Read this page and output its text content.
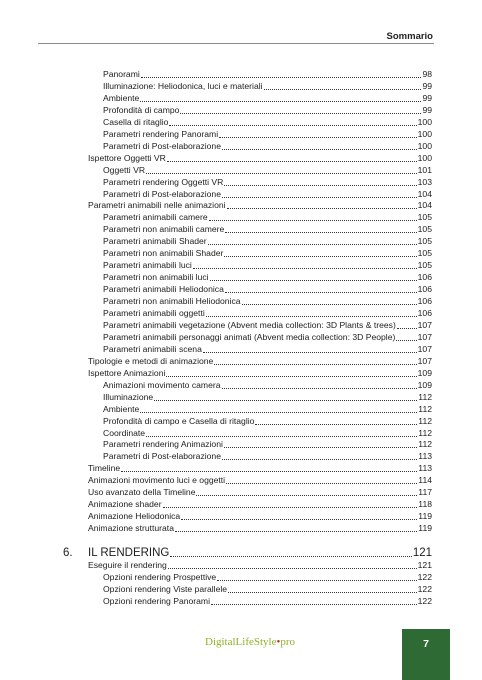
Sommario
Panorami	98
Illuminazione: Heliodonica, luci e materiali	99
Ambiente	99
Profondità di campo	99
Casella di ritaglio	100
Parametri rendering Panorami	100
Parametri di Post-elaborazione	100
Ispettore Oggetti VR	100
Oggetti VR	101
Parametri rendering Oggetti VR	103
Parametri di Post-elaborazione	104
Parametri animabili nelle animazioni	104
Parametri animabili camere	105
Parametri non animabili camere	105
Parametri animabili Shader	105
Parametri non animabili Shader	105
Parametri animabili luci	105
Parametri non animabili luci	106
Parametri animabili Heliodonica	106
Parametri non animabili Heliodonica	106
Parametri animabili oggetti	106
Parametri animabili vegetazione (Abvent media collection: 3D Plants & trees)	107
Parametri animabili personaggi animati (Abvent media collection: 3D People)	107
Parametri animabili scena	107
Tipologie e metodi di animazione	107
Ispettore Animazioni	109
Animazioni movimento camera	109
Illuminazione	112
Ambiente	112
Profondità di campo e Casella di ritaglio	112
Coordinate	112
Parametri rendering Animazioni	112
Parametri di Post-elaborazione	113
Timeline	113
Animazioni movimento luci e oggetti	114
Uso avanzato della Timeline	117
Animazione shader	118
Animazione Heliodonica	119
Animazione strutturata	119
6. IL RENDERING	121
Eseguire il rendering	121
Opzioni rendering Prospettive	122
Opzioni rendering Viste parallele	122
Opzioni rendering Panorami	122
DigitalLifeStyle•pro	7
